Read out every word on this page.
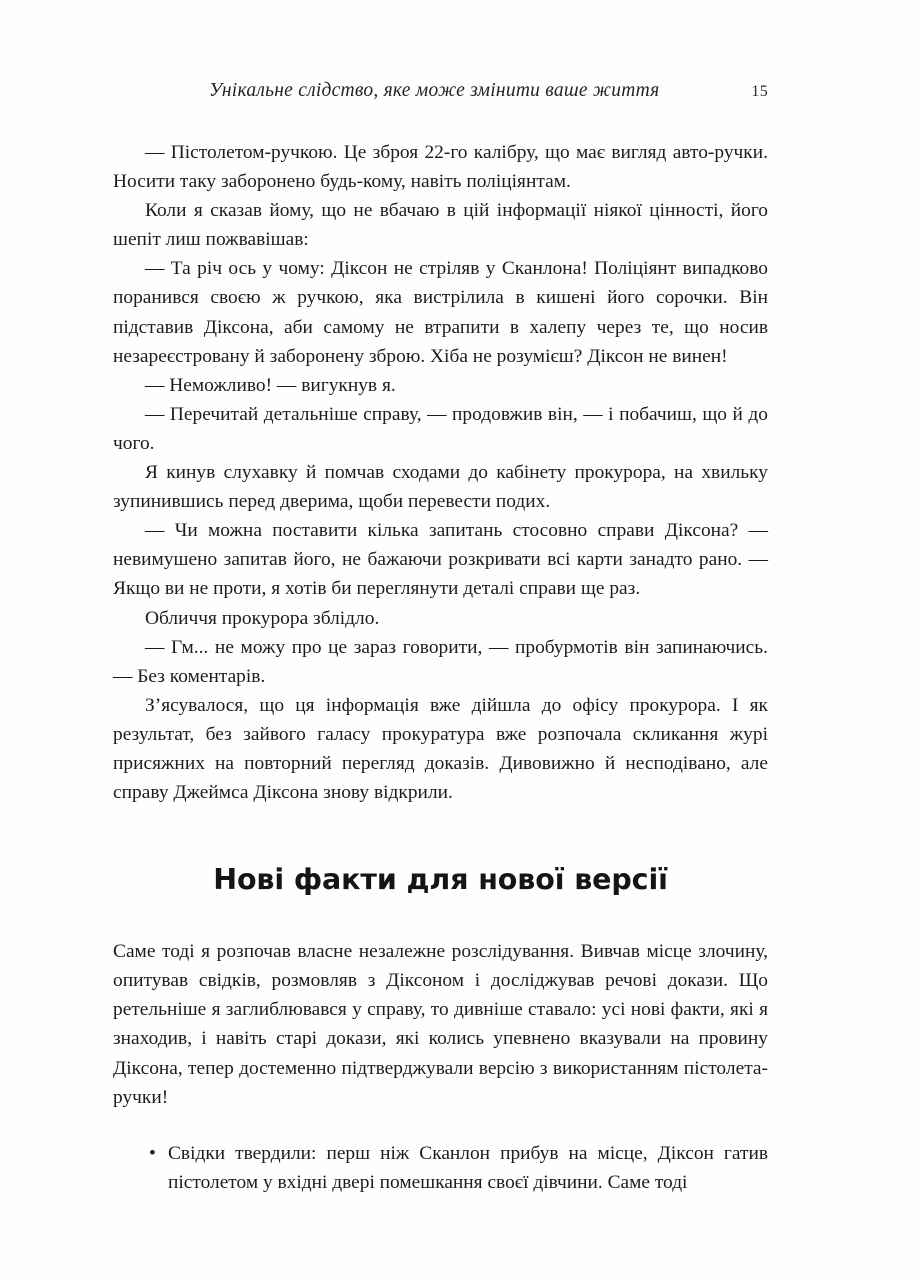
Унікальне слідство, яке може змінити ваше життя	15

— Пістолетом-ручкою. Це зброя 22-го калібру, що має вигляд авто-ручки. Носити таку заборонено будь-кому, навіть поліціянтам.

Коли я сказав йому, що не вбачаю в цій інформації ніякої цінності, його шепіт лиш пожвавішав:

— Та річ ось у чому: Діксон не стріляв у Сканлона! Поліціянт випадково поранився своєю ж ручкою, яка вистрілила в кишені його сорочки. Він підставив Діксона, аби самому не втрапити в халепу через те, що носив незареєстровану й заборонену зброю. Хіба не розумієш? Діксон не винен!

— Неможливо! — вигукнув я.

— Перечитай детальніше справу, — продовжив він, — і побачиш, що й до чого.

Я кинув слухавку й помчав сходами до кабінету прокурора, на хвильку зупинившись перед дверима, щоби перевести подих.

— Чи можна поставити кілька запитань стосовно справи Діксона? — невимушено запитав його, не бажаючи розкривати всі карти занадто рано. — Якщо ви не проти, я хотів би переглянути деталі справи ще раз.

Обличчя прокурора зблідло.

— Гм... не можу про це зараз говорити, — пробурмотів він запинаючись. — Без коментарів.

З’ясувалося, що ця інформація вже дійшла до офісу прокурора. І як результат, без зайвого галасу прокуратура вже розпочала скликання журі присяжних на повторний перегляд доказів. Дивовижно й несподівано, але справу Джеймса Діксона знову відкрили.

Нові факти для нової версії

Саме тоді я розпочав власне незалежне розслідування. Вивчав місце злочину, опитував свідків, розмовляв з Діксоном і досліджував речові докази. Що ретельніше я заглиблювався у справу, то дивніше ставало: усі нові факти, які я знаходив, і навіть старі докази, які колись упевнено вказували на провину Діксона, тепер достеменно підтверджували версію з використанням пістолета-ручки!

• Свідки твердили: перш ніж Сканлон прибув на місце, Діксон гатив пістолетом у вхідні двері помешкання своєї дівчини. Саме тоді
